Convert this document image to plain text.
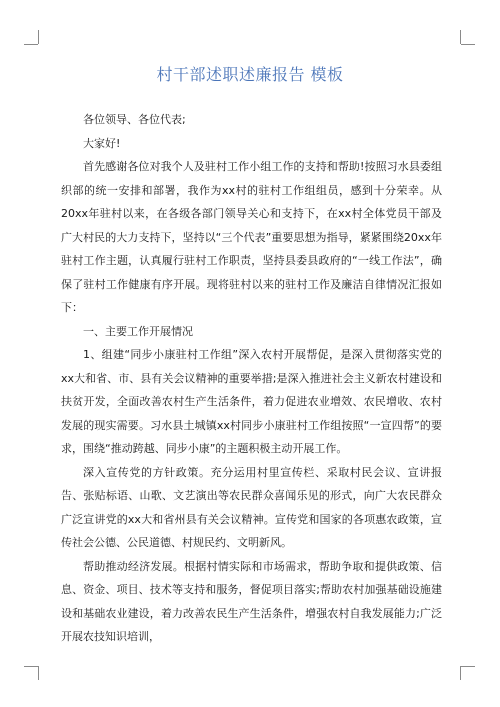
村干部述职述廉报告 模板

各位领导、各位代表;

大家好!

首先感谢各位对我个人及驻村工作小组工作的支持和帮助!按照习水县委组织部的统一安排和部署，我作为xx村的驻村工作组组员，感到十分荣幸。从20xx年驻村以来，在各级各部门领导关心和支持下，在xx村全体党员干部及广大村民的大力支持下，坚持以“三个代表”重要思想为指导，紧紧围绕20xx年驻村工作主题，认真履行驻村工作职责，坚持县委县政府的“一线工作法”，确保了驻村工作健康有序开展。现将驻村以来的驻村工作及廉洁自律情况汇报如下：

一、主要工作开展情况

1、组建“同步小康驻村工作组”深入农村开展帮促，是深入贯彻落实党的xx大和省、市、县有关会议精神的重要举措;是深入推进社会主义新农村建设和扶贫开发，全面改善农村生产生活条件，着力促进农业增效、农民增收、农村发展的现实需要。习水县土城镇xx村同步小康驻村工作组按照“一宣四帮”的要求，围绕“推动跨越、同步小康”的主题积极主动开展工作。

深入宣传党的方针政策。充分运用村里宣传栏、采取村民会议、宣讲报告、张贴标语、山歌、文艺演出等农民群众喜闻乐见的形式，向广大农民群众广泛宣讲党的xx大和省州县有关会议精神。宣传党和国家的各项惠农政策，宣传社会公德、公民道德、村规民约、文明新风。

帮助推动经济发展。根据村情实际和市场需求，帮助争取和提供政策、信息、资金、项目、技术等支持和服务，督促项目落实;帮助农村加强基础设施建设和基础农业建设，着力改善农民生产生活条件，增强农村自我发展能力;广泛开展农技知识培训，
